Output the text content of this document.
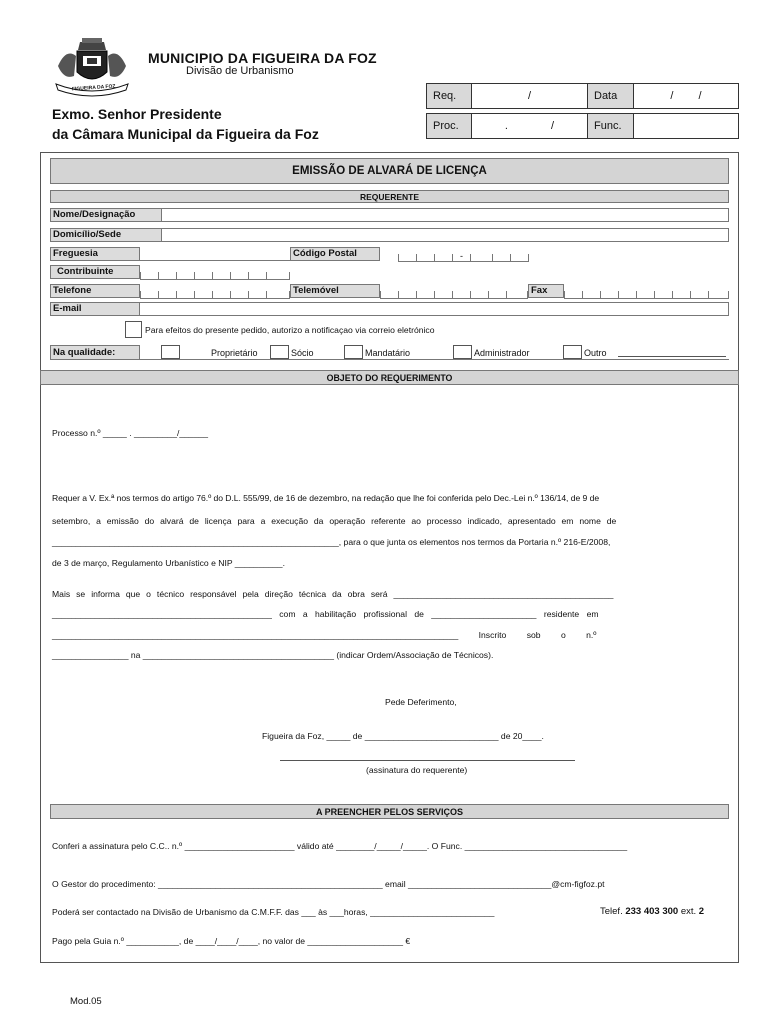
FIGUEIRA DA FOZ
MUNICIPIO DA FIGUEIRA DA FOZ
Divisão de Urbanismo
Exmo. Senhor Presidente
da Câmara Municipal da Figueira da Foz
Req.	/	Data	/ /
Proc.	. /	Func.
EMISSÃO DE ALVARÁ DE LICENÇA
REQUERENTE
Nome/Designação
Domicílio/Sede
Freguesia	Código Postal	-
Contribuinte
Telefone	Telemóvel	Fax
E-mail
Para efeitos do presente pedido, autorizo a notificaçao via correio eletrónico
Na qualidade:	Proprietário	Sócio	Mandatário	Administrador	Outro
OBJETO DO REQUERIMENTO
Processo n.º _____ . _________/______
Requer a V. Ex.ª nos termos do artigo 76.º do D.L. 555/99, de 16 de dezembro, na redação que lhe foi conferida pelo Dec.-Lei n.º 136/14, de 9 de
setembro, a emissão do alvará de licença para a execução da operação referente ao processo indicado, apresentado em nome de
____________________________________________________________, para o que junta os elementos nos termos da Portaria n.º 216-E/2008,
de 3 de março, Regulamento Urbanístico e NIP __________.
Mais se informa que o técnico responsável pela direção técnica da obra será ______________________________________________
______________________________________________ com a habilitação profissional de ______________________ residente em
_____________________________________________________________________________________ Inscrito sob o n.º
________________ na ________________________________________ (indicar Ordem/Associação de Técnicos).
Pede Deferimento,
Figueira da Foz, _____ de ____________________________ de 20____.
(assinatura do requerente)
A PREENCHER PELOS SERVIÇOS
Conferi a assinatura pelo C.C.. n.º _______________________ válido até ________/_____/_____. O Func. __________________________________
O Gestor do procedimento: _______________________________________________ email ______________________________@cm-figfoz.pt
Poderá ser contactado na Divisão de Urbanismo da C.M.F.F. das ___ às ___horas, __________________________	Telef. 233 403 300 ext. 2
Pago pela Guia n.º ___________, de ____/____/____, no valor de ____________________ €
Mod.05
